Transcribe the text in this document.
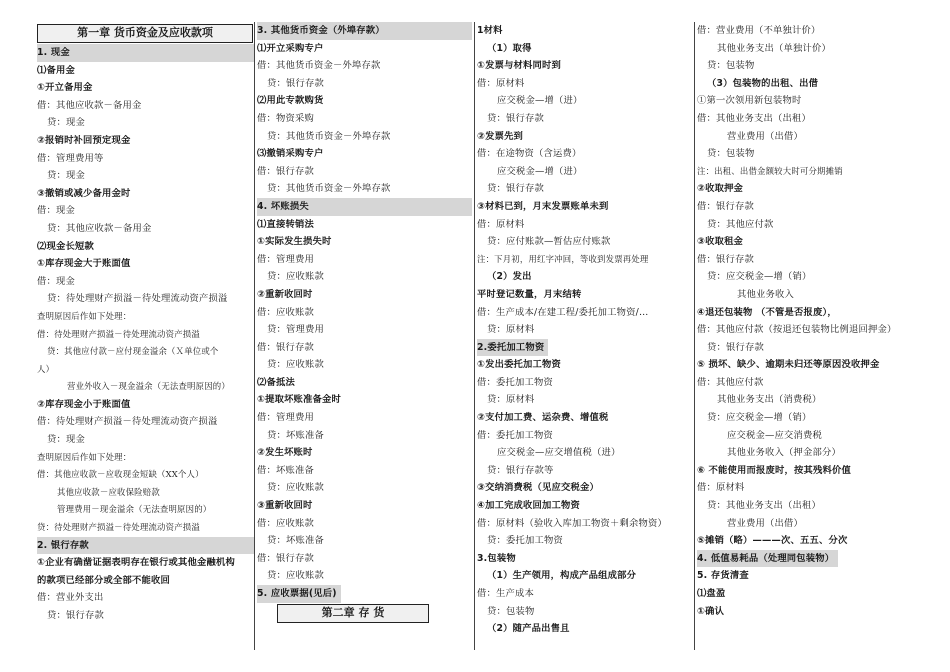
第一章 货币资金及应收款项
1. 现金
⑴备用金
①开立备用金
借：其他应收款－备用金
贷：现金
②报销时补回预定现金
借：管理费用等
贷：现金
③撤销或减少备用金时
借：现金
贷：其他应收款－备用金
⑵现金长短款
①库存现金大于账面值
借：现金
贷：待处理财产损溢－待处理流动资产损溢
查明原因后作如下处理：
借：待处理财产损溢－待处理流动资产损溢
贷：其他应付款－应付现金溢余（Ｘ单位或个
人）
营业外收入－现金溢余（无法查明原因的）
②库存现金小于账面值
借：待处理财产损溢－待处理流动资产损溢
贷：现金
查明原因后作如下处理：
借：其他应收款－应收现金短缺（XX个人）
其他应收款－应收保险赔款
管理费用－现金溢余（无法查明原因的）
贷：待处理财产损溢－待处理流动资产损溢
2. 银行存款
①企业有确凿证据表明存在银行或其他金融机构
的款项已经部分或全部不能收回
借：营业外支出
贷：银行存款
3. 其他货币资金（外埠存款）
⑴开立采购专户
借：其他货币资金－外埠存款
贷：银行存款
⑵用此专款购货
借：物资采购
贷：其他货币资金－外埠存款
⑶撤销采购专户
借：银行存款
贷：其他货币资金－外埠存款
4. 坏账损失
⑴直接转销法
①实际发生损失时
借：管理费用
贷：应收账款
②重新收回时
借：应收账款
贷：管理费用
借：银行存款
贷：应收账款
⑵备抵法
①提取坏账准备金时
借：管理费用
贷：坏账准备
②发生坏账时
借：坏账准备
贷：应收账款
③重新收回时
借：应收账款
贷：坏账准备
借：银行存款
贷：应收账款
5. 应收票据(见后)
第二章 存 货
1材料
（1）取得
①发票与材料同时到
借：原材料
应交税金—增（进）
贷：银行存款
②发票先到
借：在途物资（含运费）
应交税金—增（进）
贷：银行存款
③材料已到，月末发票账单未到
借：原材料
贷：应付账款—暂估应付账款
注：下月初，用红字冲回，等收到发票再处理
（2）发出
平时登记数量，月末结转
借：生产成本/在建工程/委托加工物资/…
贷：原材料
2.委托加工物资
①发出委托加工物资
借：委托加工物资
贷：原材料
②支付加工费、运杂费、增值税
借：委托加工物资
应交税金—应交增值税（进）
贷：银行存款等
③交纳消费税（见应交税金）
④加工完成收回加工物资
借：原材料（验收入库加工物资＋剩余物资）
贷：委托加工物资
3.包装物
（1）生产领用，构成产品组成部分
借：生产成本
贷：包装物
（2）随产品出售且
借：营业费用（不单独计价）
其他业务支出（单独计价）
贷：包装物
（3）包装物的出租、出借
①第一次领用新包装物时
借：其他业务支出（出租）
营业费用（出借）
贷：包装物
注：出租、出借金额较大时可分期摊销
②收取押金
借：银行存款
贷：其他应付款
③收取租金
借：银行存款
贷：应交税金—增（销）
其他业务收入
④退还包装物 （不管是否报废），
借：其他应付款（按退还包装物比例退回押金）
贷：银行存款
⑤ 损坏、缺少、逾期未归还等原因没收押金
借：其他应付款
其他业务支出（消费税）
贷：应交税金—增（销）
应交税金—应交消费税
其他业务收入（押金部分）
⑥ 不能使用而报废时，按其残料价值
借：原材料
贷：其他业务支出（出租）
营业费用（出借）
⑤摊销（略）———次、五五、分次
4. 低值易耗品（处理同包装物）
5. 存货清查
⑴盘盈
①确认
